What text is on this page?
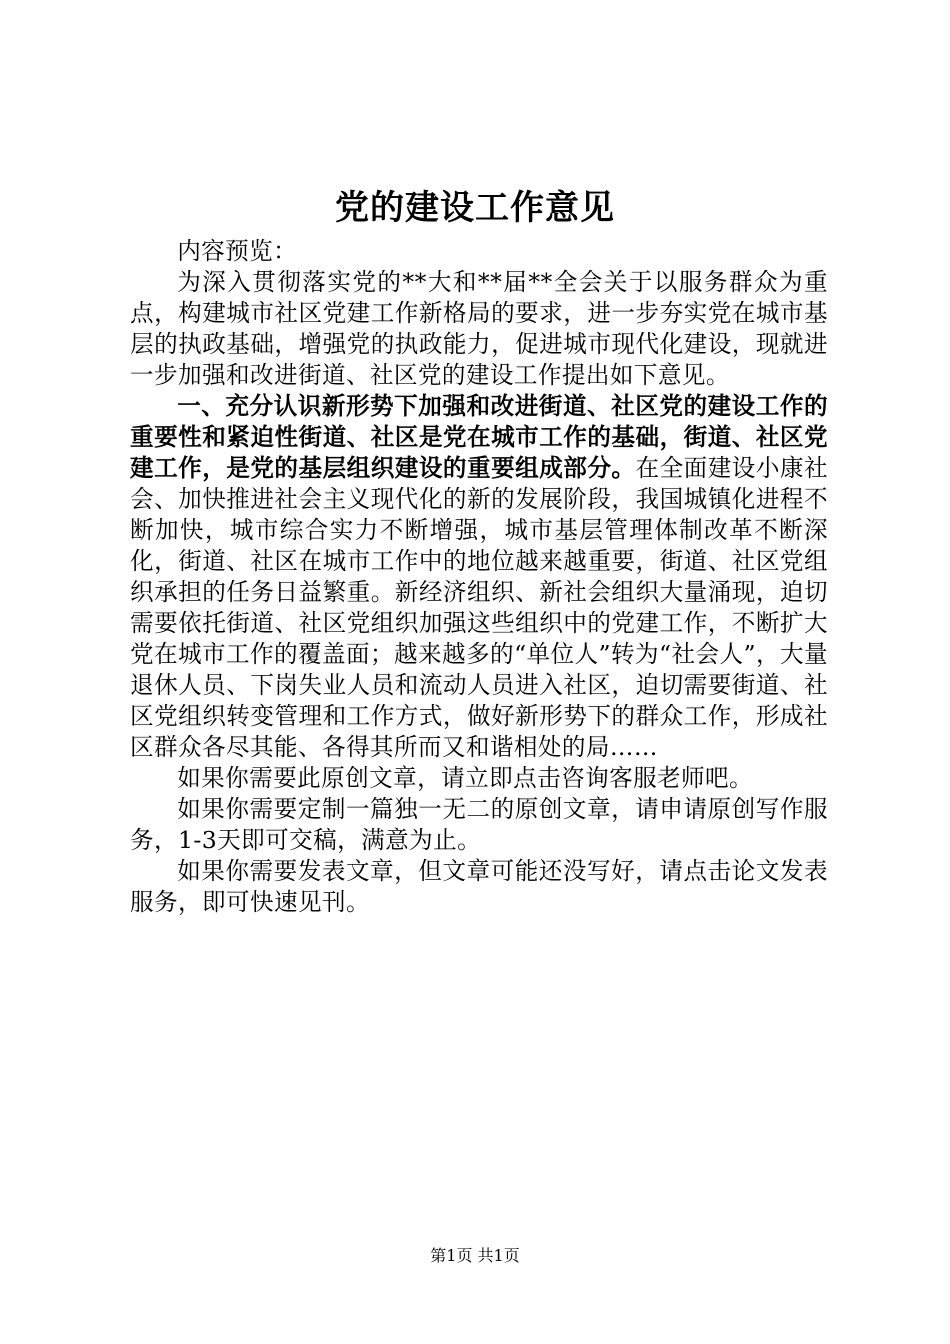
党的建设工作意见

内容预览：

为深入贯彻落实党的**大和**届**全会关于以服务群众为重点，构建城市社区党建工作新格局的要求，进一步夯实党在城市基层的执政基础，增强党的执政能力，促进城市现代化建设，现就进一步加强和改进街道、社区党的建设工作提出如下意见。

一、充分认识新形势下加强和改进街道、社区党的建设工作的重要性和紧迫性街道、社区是党在城市工作的基础，街道、社区党建工作，是党的基层组织建设的重要组成部分。在全面建设小康社会、加快推进社会主义现代化的新的发展阶段，我国城镇化进程不断加快，城市综合实力不断增强，城市基层管理体制改革不断深化，街道、社区在城市工作中的地位越来越重要，街道、社区党组织承担的任务日益繁重。新经济组织、新社会组织大量涌现，迫切需要依托街道、社区党组织加强这些组织中的党建工作，不断扩大党在城市工作的覆盖面；越来越多的“单位人”转为“社会人”，大量退休人员、下岗失业人员和流动人员进入社区，迫切需要街道、社区党组织转变管理和工作方式，做好新形势下的群众工作，形成社区群众各尽其能、各得其所而又和谐相处的局……

如果你需要此原创文章，请立即点击咨询客服老师吧。

如果你需要定制一篇独一无二的原创文章，请申请原创写作服务，1-3天即可交稿，满意为止。

如果你需要发表文章，但文章可能还没写好，请点击论文发表服务，即可快速见刊。

第1页 共1页
